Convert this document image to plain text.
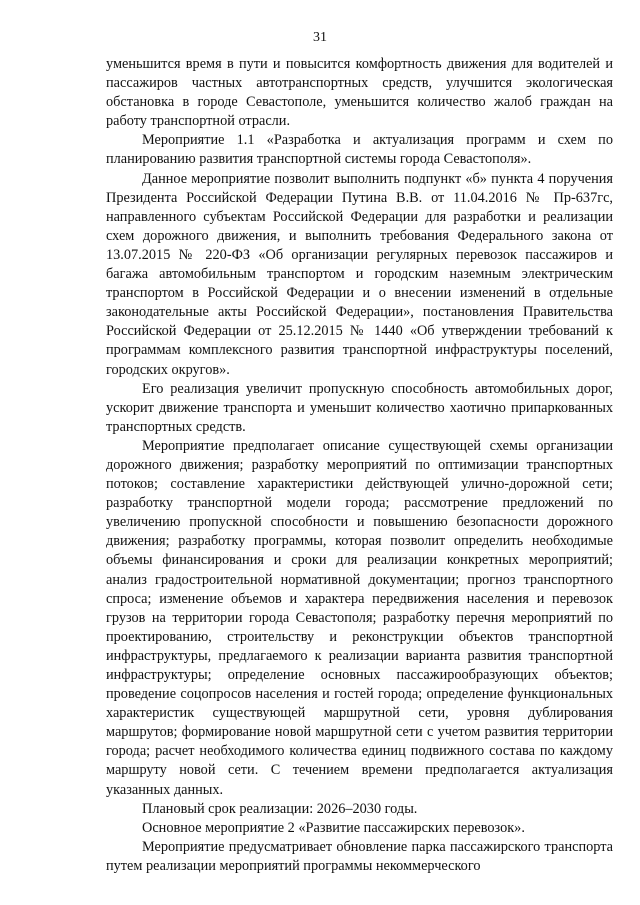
31

уменьшится время в пути и повысится комфортность движения для водителей и пассажиров частных автотранспортных средств, улучшится экологическая обстановка в городе Севастополе, уменьшится количество жалоб граждан на работу транспортной отрасли.

Мероприятие 1.1 «Разработка и актуализация программ и схем по планированию развития транспортной системы города Севастополя».

Данное мероприятие позволит выполнить подпункт «б» пункта 4 поручения Президента Российской Федерации Путина В.В. от 11.04.2016 № Пр-637гс, направленного субъектам Российской Федерации для разработки и реализации схем дорожного движения, и выполнить требования Федерального закона от 13.07.2015 № 220-ФЗ «Об организации регулярных перевозок пассажиров и багажа автомобильным транспортом и городским наземным электрическим транспортом в Российской Федерации и о внесении изменений в отдельные законодательные акты Российской Федерации», постановления Правительства Российской Федерации от 25.12.2015 № 1440 «Об утверждении требований к программам комплексного развития транспортной инфраструктуры поселений, городских округов».

Его реализация увеличит пропускную способность автомобильных дорог, ускорит движение транспорта и уменьшит количество хаотично припаркованных транспортных средств.

Мероприятие предполагает описание существующей схемы организации дорожного движения; разработку мероприятий по оптимизации транспортных потоков; составление характеристики действующей улично-дорожной сети; разработку транспортной модели города; рассмотрение предложений по увеличению пропускной способности и повышению безопасности дорожного движения; разработку программы, которая позволит определить необходимые объемы финансирования и сроки для реализации конкретных мероприятий; анализ градостроительной нормативной документации; прогноз транспортного спроса; изменение объемов и характера передвижения населения и перевозок грузов на территории города Севастополя; разработку перечня мероприятий по проектированию, строительству и реконструкции объектов транспортной инфраструктуры, предлагаемого к реализации варианта развития транспортной инфраструктуры; определение основных пассажирообразующих объектов; проведение соцопросов населения и гостей города; определение функциональных характеристик существующей маршрутной сети, уровня дублирования маршрутов; формирование новой маршрутной сети с учетом развития территории города; расчет необходимого количества единиц подвижного состава по каждому маршруту новой сети. С течением времени предполагается актуализация указанных данных.

Плановый срок реализации: 2026–2030 годы.

Основное мероприятие 2 «Развитие пассажирских перевозок».

Мероприятие предусматривает обновление парка пассажирского транспорта путем реализации мероприятий программы некоммерческого
